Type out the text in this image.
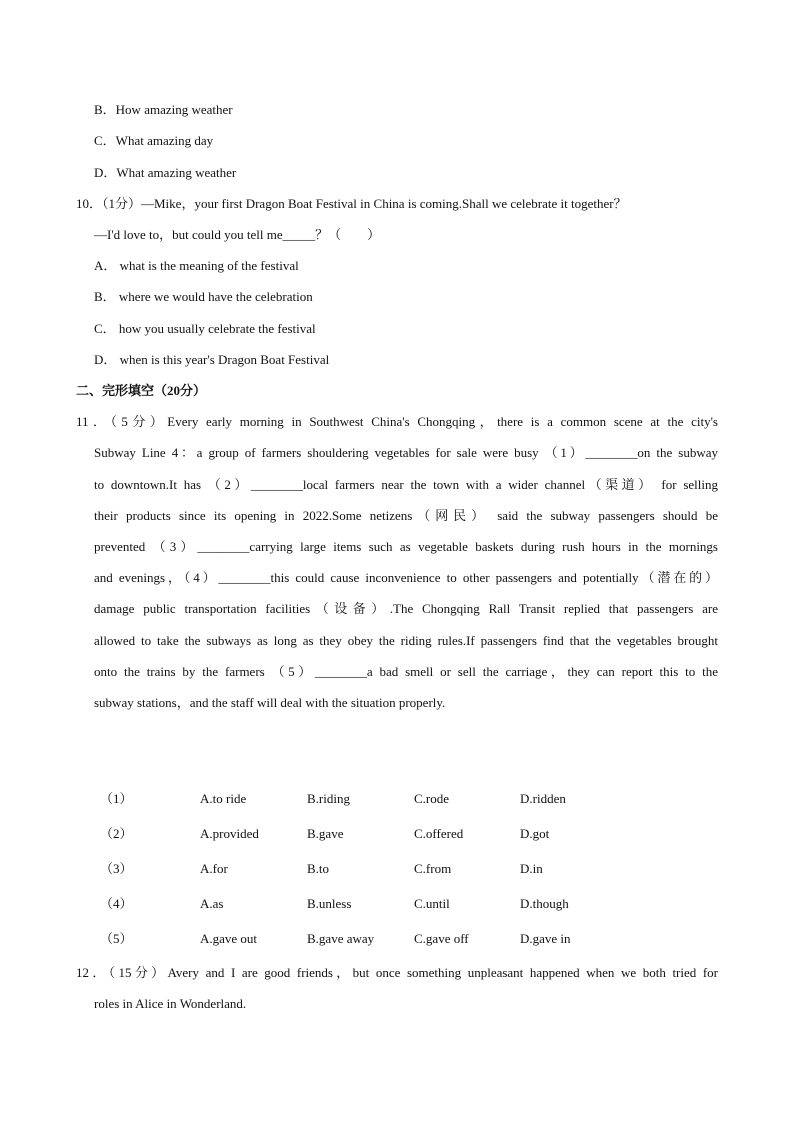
B．How amazing weather
C．What amazing day
D．What amazing weather
10．（1分）—Mike，your first Dragon Boat Festival in China is coming.Shall we celebrate it together？
—I'd love to，but could you tell me_____？（　　）
A． what is the meaning of the festival
B． where we would have the celebration
C． how you usually celebrate the festival
D． when is this year's Dragon Boat Festival
二、完形填空（20分）
11．（5分）Every early morning in Southwest China's Chongqing，there is a common scene at the city's
Subway Line 4：a group of farmers shouldering vegetables for sale were busy （1）________on the subway
to downtown.It has （2）________local farmers near the town with a wider channel（渠道） for selling
their products since its opening in 2022.Some netizens（网民） said the subway passengers should be
prevented （3）________carrying large items such as vegetable baskets during rush hours in the mornings
and evenings，（4）________this could cause inconvenience to other passengers and potentially（潜在的）
damage public transportation facilities（设备）.The Chongqing Rall Transit replied that passengers are
allowed to take the subways as long as they obey the riding rules.If passengers find that the vegetables brought
onto the trains by the farmers （5）________a bad smell or sell the carriage，they can report this to the
subway stations，and the staff will deal with the situation properly.
（1）	A.to ride	B.riding	C.rode	D.ridden
（2）	A.provided	B.gave	C.offered	D.got
（3）	A.for	B.to	C.from	D.in
（4）	A.as	B.unless	C.until	D.though
（5）	A.gave out	B.gave away	C.gave off	D.gave in
12．（15分）Avery and I are good friends，but once something unpleasant happened when we both tried for
roles in Alice in Wonderland.
